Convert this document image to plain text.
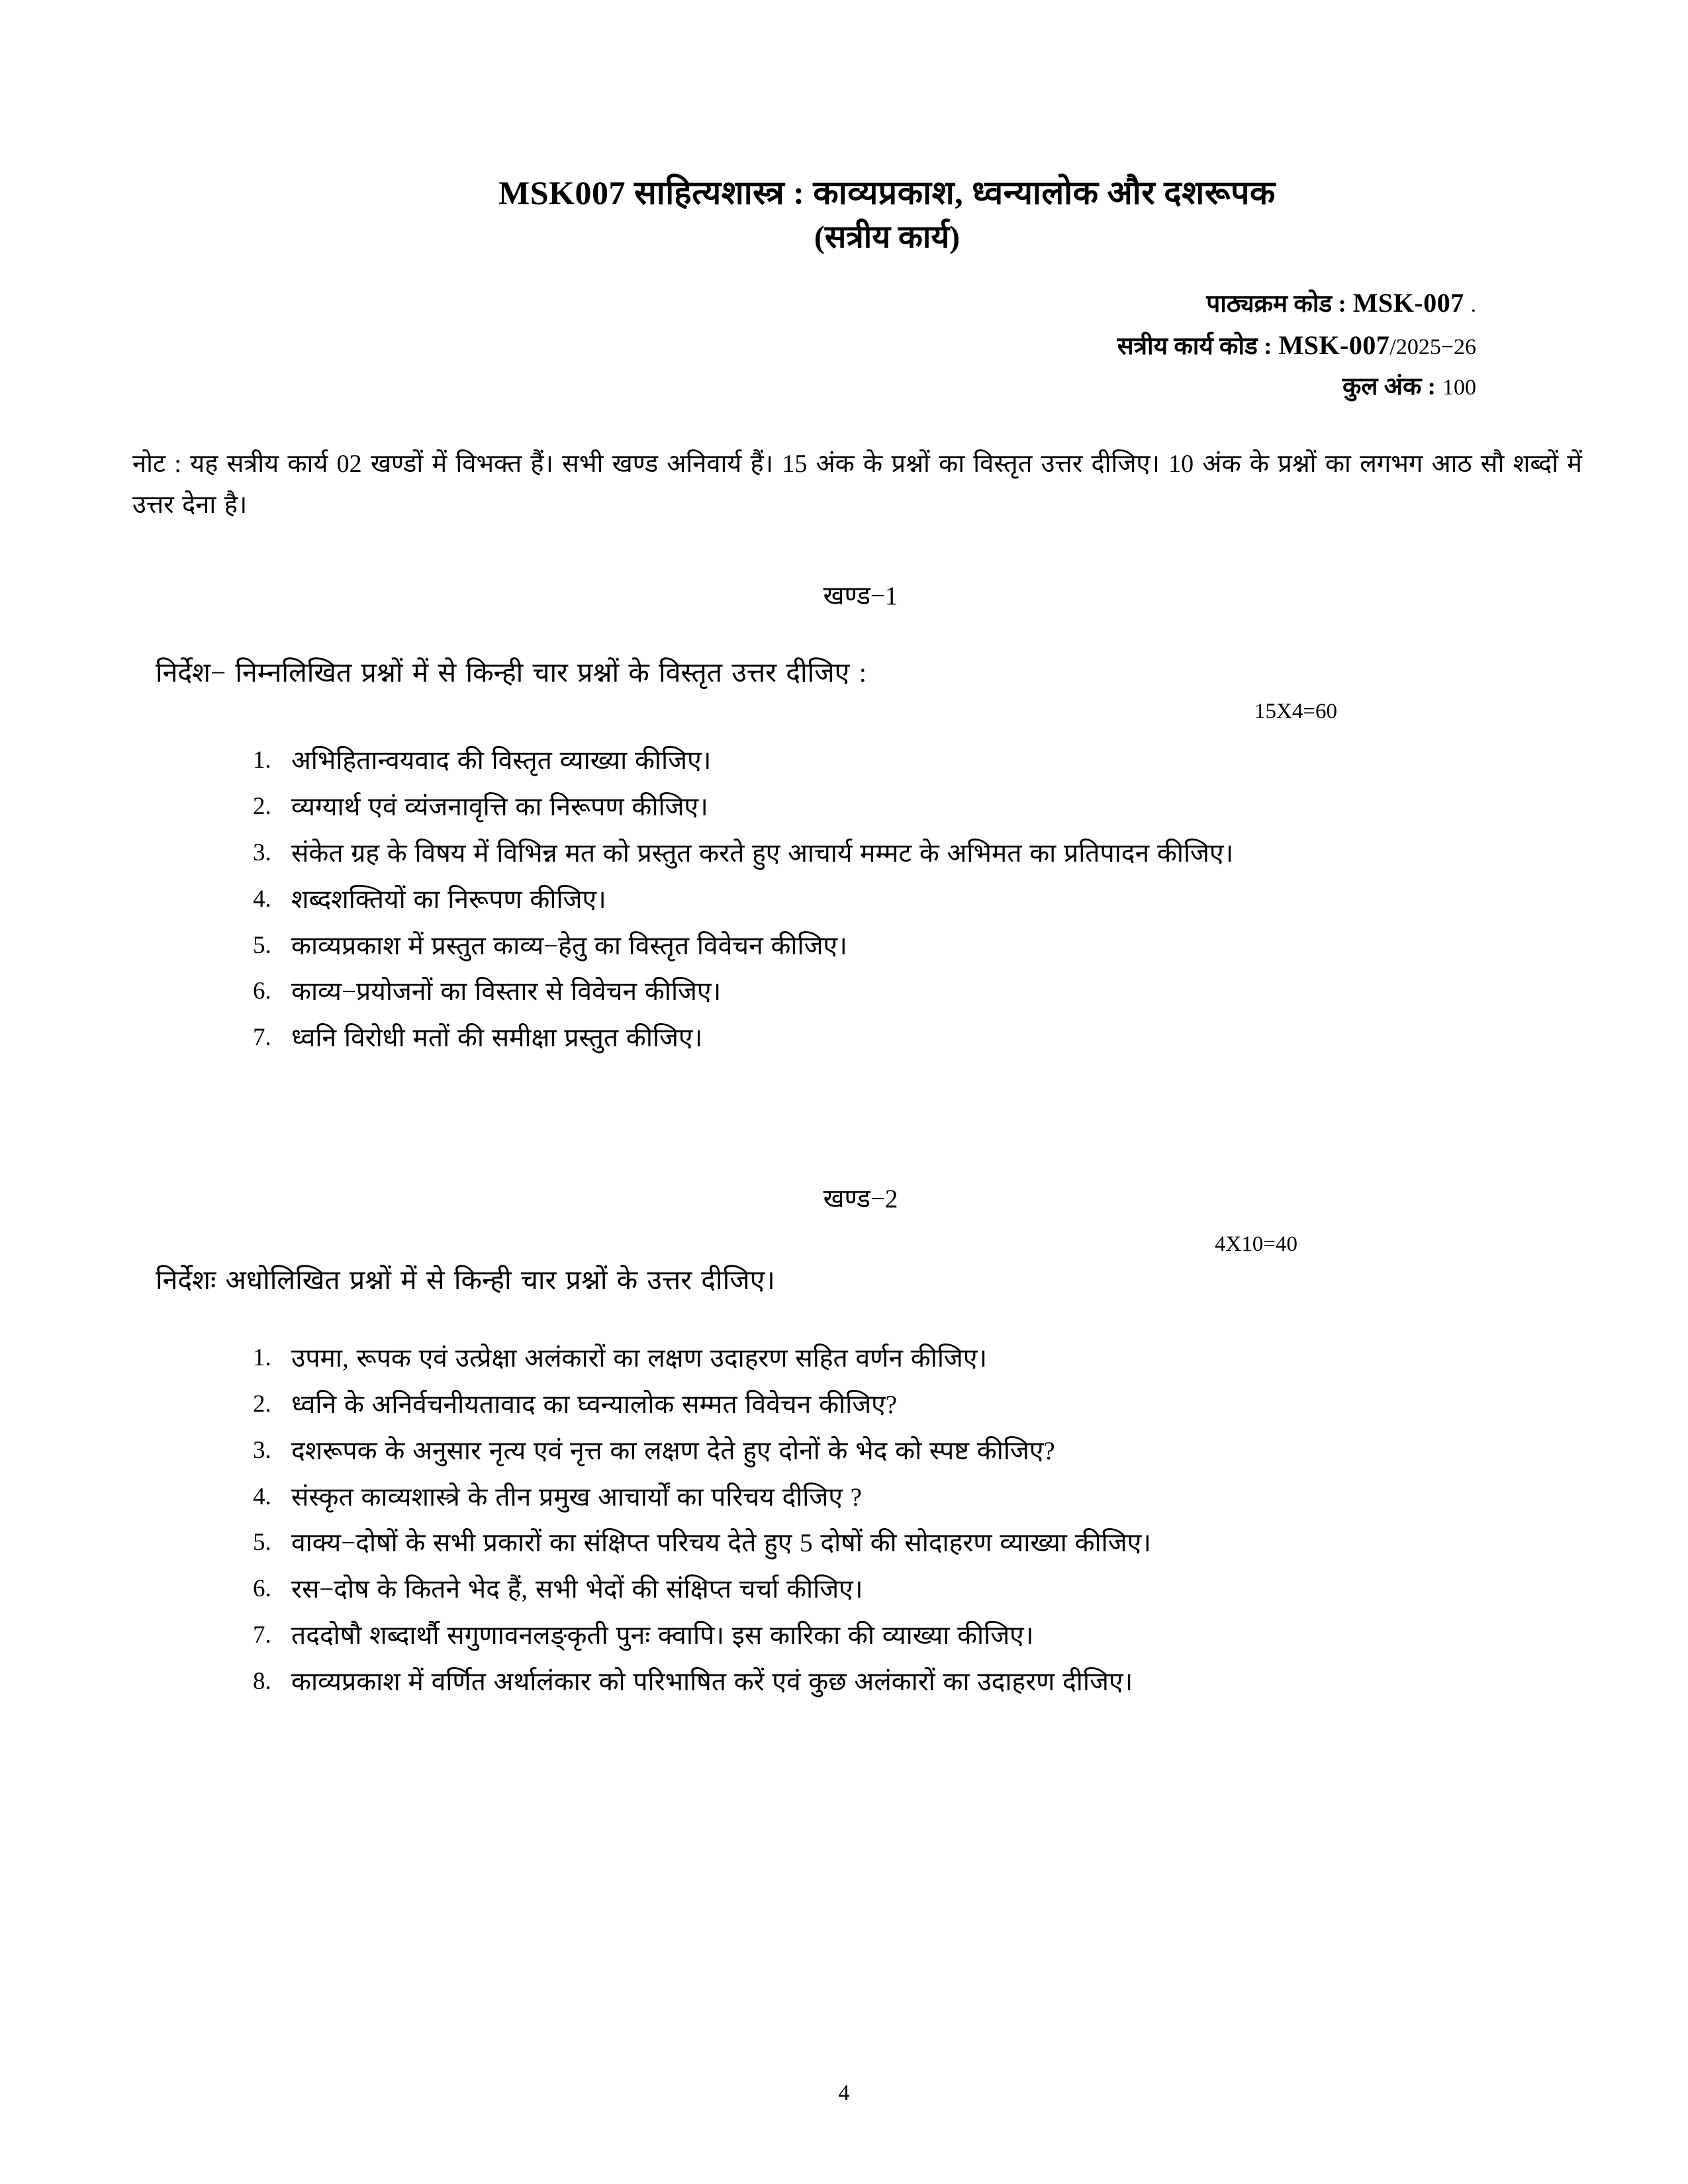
MSK007 साहित्यशास्त्र : काव्यप्रकाश, ध्वन्यालोक और दशरूपक
(सत्रीय कार्य)
पाठ्यक्रम कोड : MSK-007 .
सत्रीय कार्य कोड : MSK-007/2025−26
कुल अंक : 100
नोट : यह सत्रीय कार्य 02 खण्डों में विभक्त हैं। सभी खण्ड अनिवार्य हैं। 15 अंक के प्रश्नों का विस्तृत उत्तर दीजिए। 10 अंक के प्रश्नों का लगभग आठ सौ शब्दों में उत्तर देना है।
खण्ड−1
निर्देश− निम्नलिखित प्रश्नों में से किन्ही चार प्रश्नों के विस्तृत उत्तर दीजिए :
15X4=60
अभिहितान्वयवाद की विस्तृत व्याख्या कीजिए।
व्यग्यार्थ एवं व्यंजनावृत्ति का निरूपण कीजिए।
संकेत ग्रह के विषय में विभिन्न मत को प्रस्तुत करते हुए आचार्य मम्मट के अभिमत का प्रतिपादन कीजिए।
शब्दशक्तियों का निरूपण कीजिए।
काव्यप्रकाश में प्रस्तुत काव्य−हेतु का विस्तृत विवेचन कीजिए।
काव्य−प्रयोजनों का विस्तार से विवेचन कीजिए।
ध्वनि विरोधी मतों की समीक्षा प्रस्तुत कीजिए।
खण्ड−2
4X10=40
निर्देशः अधोलिखित प्रश्नों में से किन्ही चार प्रश्नों के उत्तर दीजिए।
उपमा, रूपक एवं उत्प्रेक्षा अलंकारों का लक्षण उदाहरण सहित वर्णन कीजिए।
ध्वनि के अनिर्वचनीयतावाद का घ्वन्यालोक सम्मत विवेचन कीजिए?
दशरूपक के अनुसार नृत्य एवं नृत्त का लक्षण देते हुए दोनों के भेद को स्पष्ट कीजिए?
संस्कृत काव्यशास्त्रे के तीन प्रमुख आचार्यों का परिचय दीजिए ?
वाक्य−दोषों के सभी प्रकारों का संक्षिप्त परिचय देते हुए 5 दोषों की सोदाहरण व्याख्या कीजिए।
रस−दोष के कितने भेद हैं, सभी भेदों की संक्षिप्त चर्चा कीजिए।
तददोषौ शब्दार्थौ सगुणावनलङ्कृती पुनः क्वापि। इस कारिका की व्याख्या कीजिए।
काव्यप्रकाश में वर्णित अर्थालंकार को परिभाषित करें एवं कुछ अलंकारों का उदाहरण दीजिए।
4
